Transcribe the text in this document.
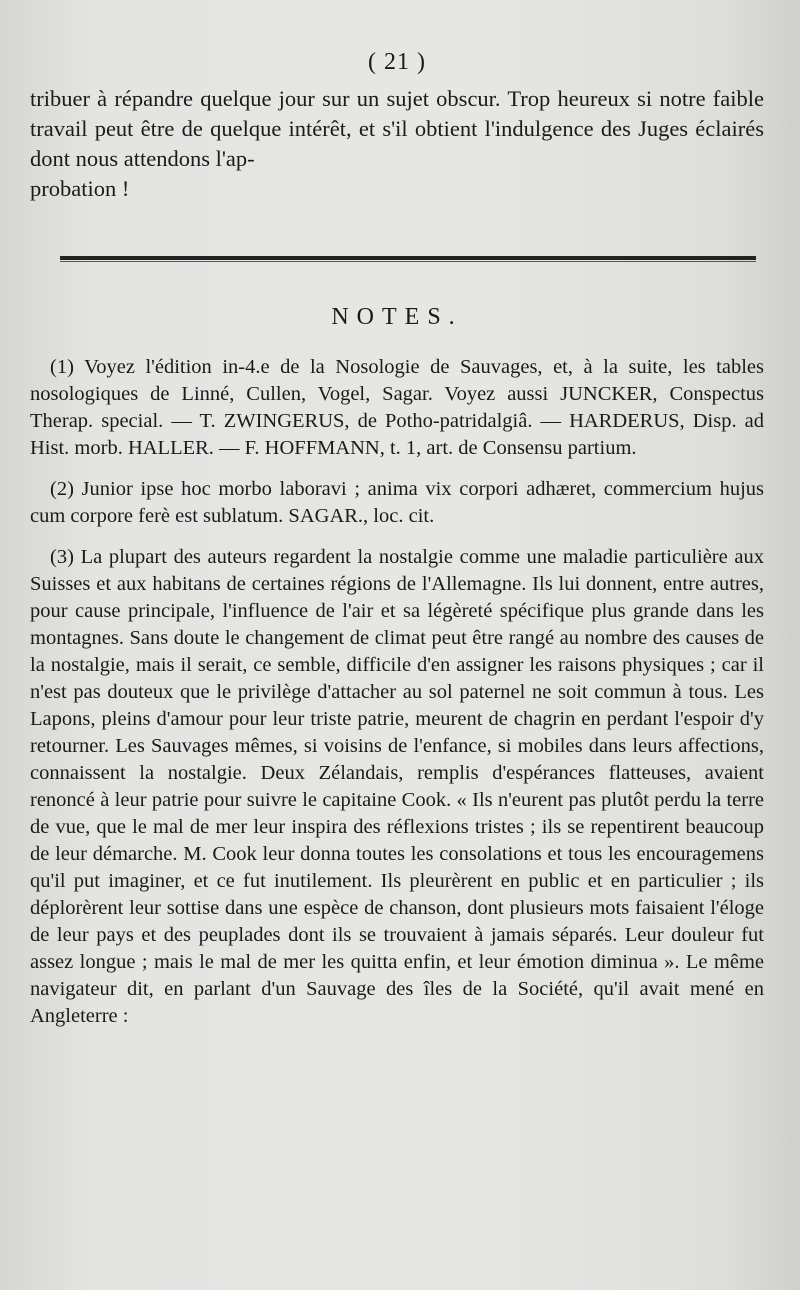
( 21 )
tribuer à répandre quelque jour sur un sujet obscur. Trop heureux si notre faible travail peut être de quelque intérêt, et s'il obtient l'indulgence des Juges éclairés dont nous attendons l'ap-
probation !
NOTES.

(1) Voyez l'édition in-4.e de la Nosologie de Sauvages, et, à la suite, les tables nosologiques de Linné, Cullen, Vogel, Sagar. Voyez aussi JUNCKER, Conspectus Therap. special. — T. ZWINGERUS, de Potho-patridalgiâ. — HARDERUS, Disp. ad Hist. morb. HALLER. — F. HOFFMANN, t. 1, art. de Consensu partium.

(2) Junior ipse hoc morbo laboravi ; anima vix corpori adhæret, commercium hujus cum corpore ferè est sublatum. SAGAR., loc. cit.

(3) La plupart des auteurs regardent la nostalgie comme une maladie particulière aux Suisses et aux habitans de certaines régions de l'Allemagne. Ils lui donnent, entre autres, pour cause principale, l'influence de l'air et sa légèreté spécifique plus grande dans les montagnes. Sans doute le changement de climat peut être rangé au nombre des causes de la nostalgie, mais il serait, ce semble, difficile d'en assigner les raisons physiques ; car il n'est pas douteux que le privilège d'attacher au sol paternel ne soit commun à tous. Les Lapons, pleins d'amour pour leur triste patrie, meurent de chagrin en perdant l'espoir d'y retourner. Les Sauvages mêmes, si voisins de l'enfance, si mobiles dans leurs affections, connaissent la nostalgie. Deux Zélandais, remplis d'espérances flatteuses, avaient renoncé à leur patrie pour suivre le capitaine Cook. « Ils n'eurent pas plutôt perdu la terre de vue, que le mal de mer leur inspira des réflexions tristes ; ils se repentirent beaucoup de leur démarche. M. Cook leur donna toutes les consolations et tous les encouragemens qu'il put imaginer, et ce fut inutilement. Ils pleurèrent en public et en particulier ; ils déplorèrent leur sottise dans une espèce de chanson, dont plusieurs mots faisaient l'éloge de leur pays et des peuplades dont ils se trouvaient à jamais séparés. Leur douleur fut assez longue ; mais le mal de mer les quitta enfin, et leur émotion diminua ». Le même navigateur dit, en parlant d'un Sauvage des îles de la Société, qu'il avait mené en Angleterre :
